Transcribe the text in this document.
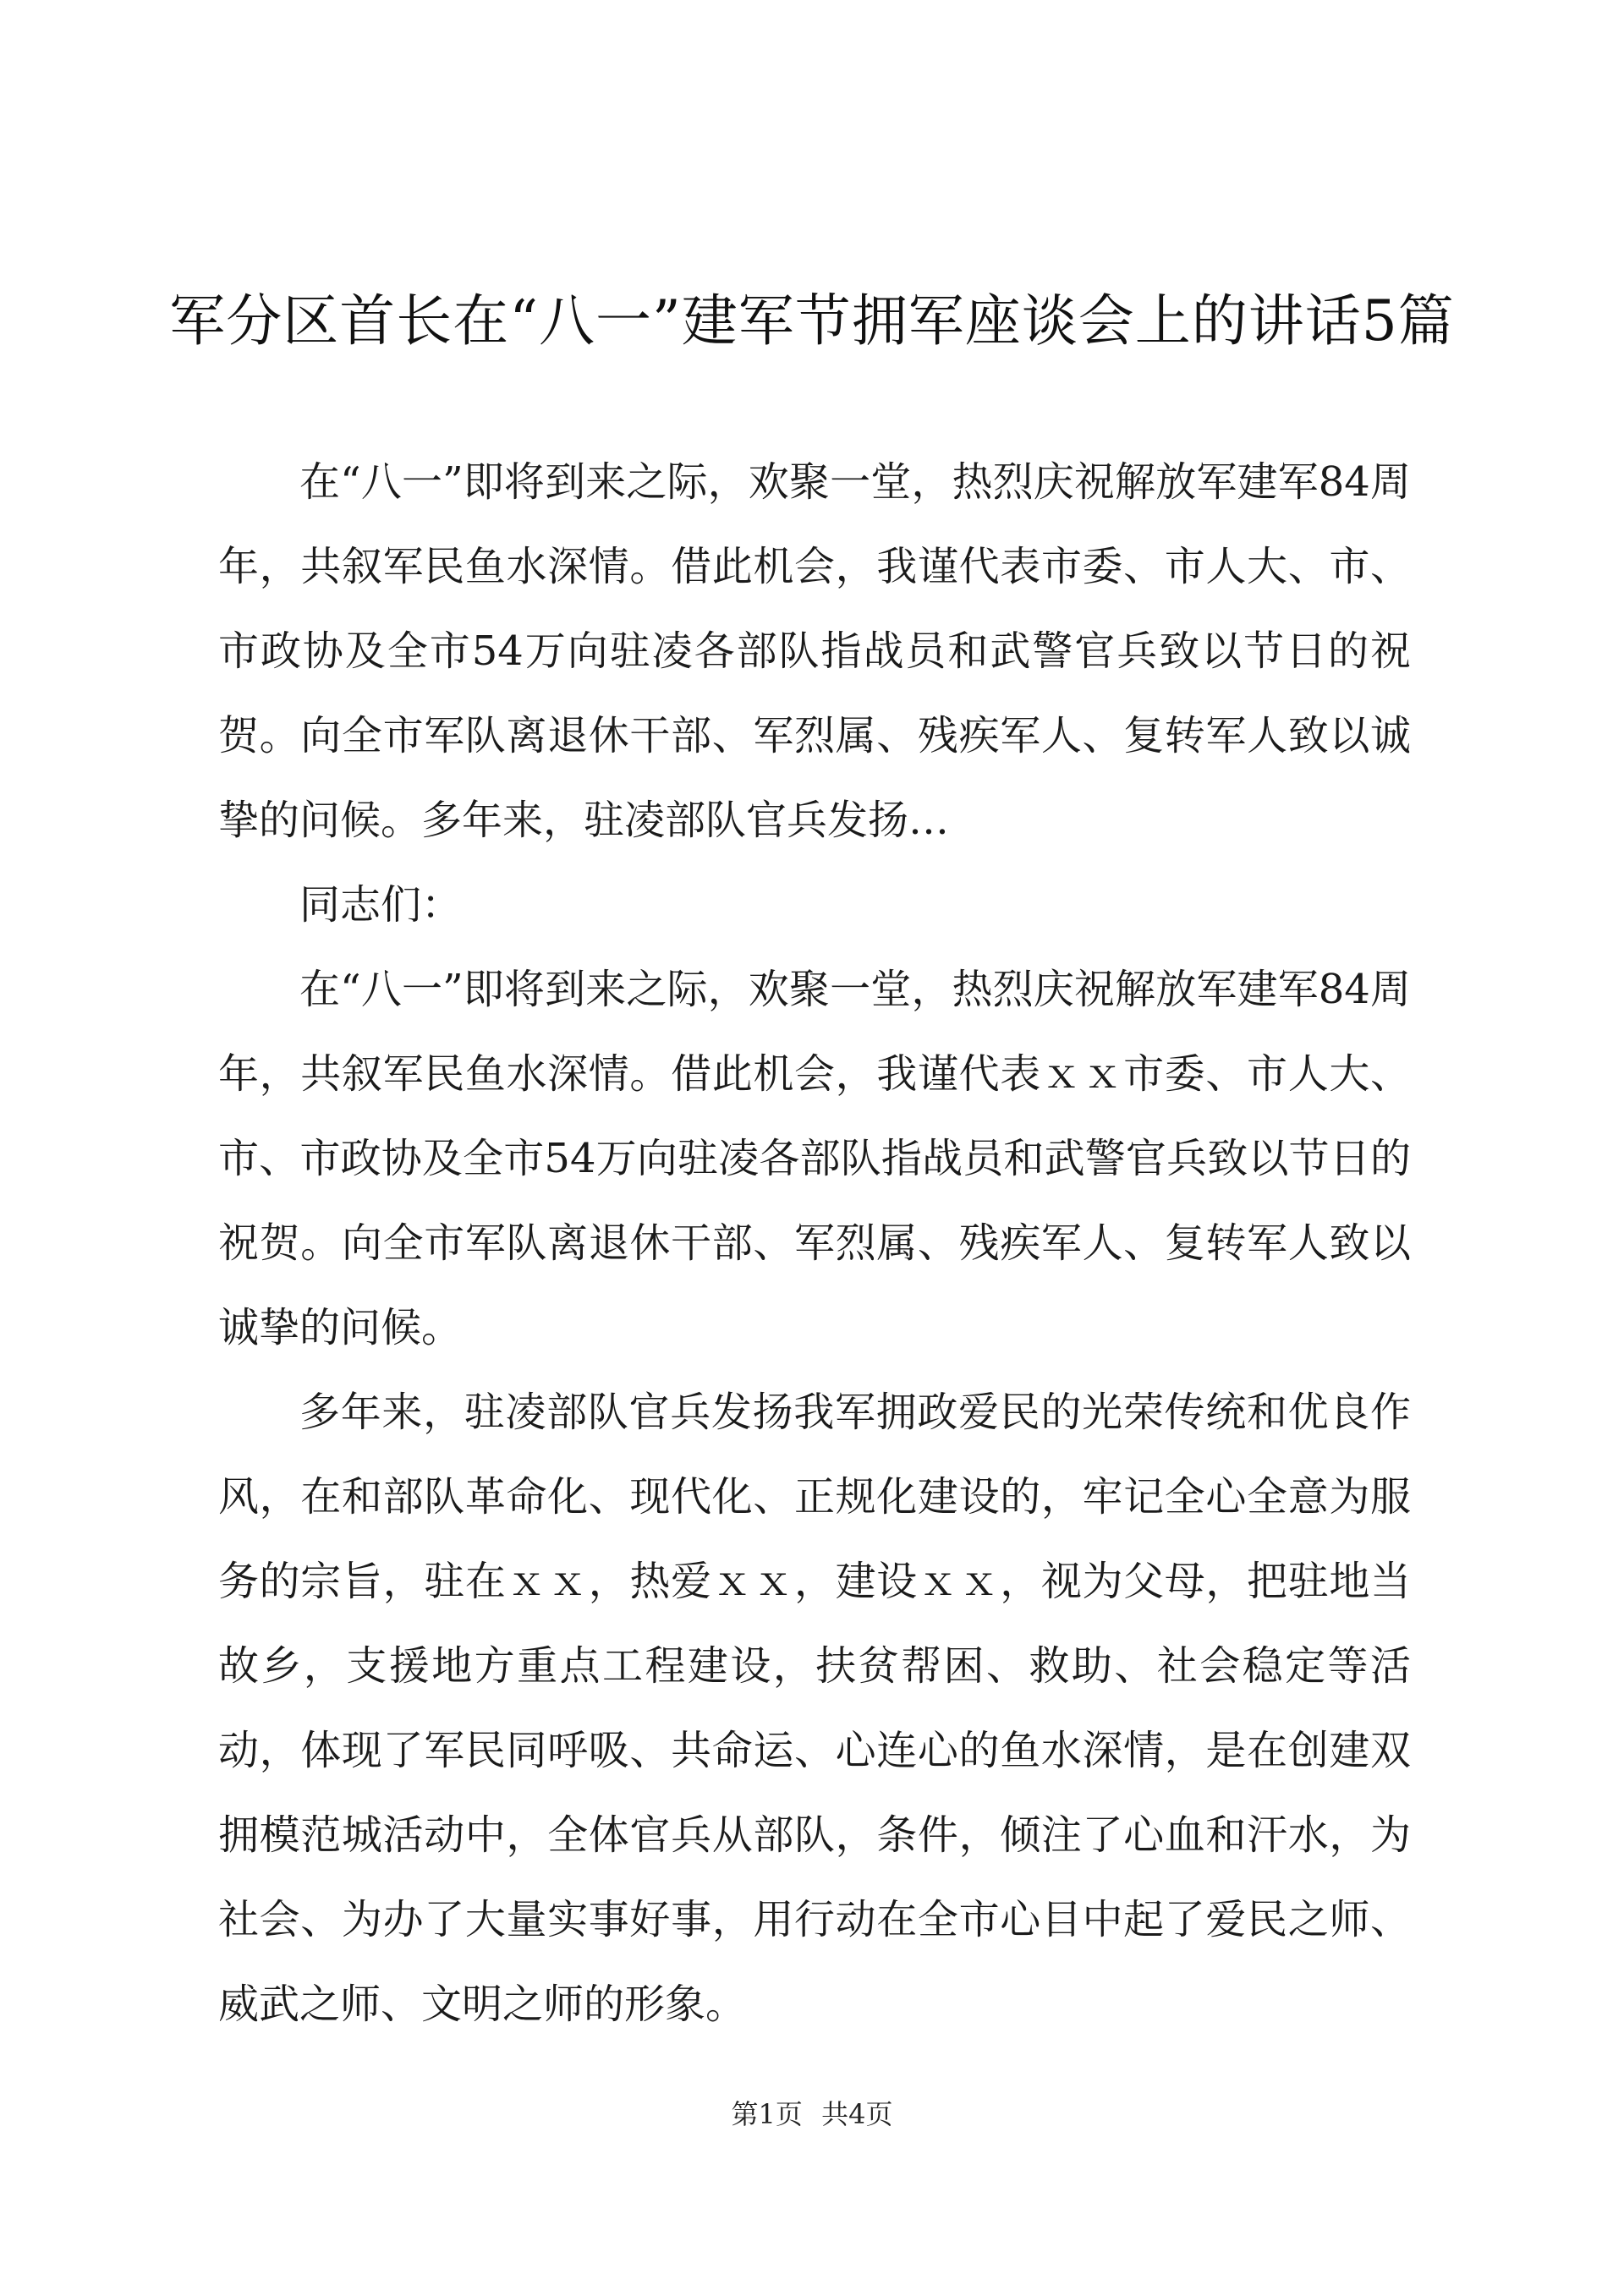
军分区首长在“八一”建军节拥军座谈会上的讲话5篇

在“八一”即将到来之际，欢聚一堂，热烈庆祝解放军建军84周年，共叙军民鱼水深情。借此机会，我谨代表市委、市人大、市、市政协及全市54万向驻凌各部队指战员和武警官兵致以节日的祝贺。向全市军队离退休干部、军烈属、残疾军人、复转军人致以诚挚的问候。多年来，驻凌部队官兵发扬…

同志们：

在“八一”即将到来之际，欢聚一堂，热烈庆祝解放军建军84周年，共叙军民鱼水深情。借此机会，我谨代表ｘｘ市委、市人大、市、市政协及全市54万向驻凌各部队指战员和武警官兵致以节日的祝贺。向全市军队离退休干部、军烈属、残疾军人、复转军人致以诚挚的问候。

多年来，驻凌部队官兵发扬我军拥政爱民的光荣传统和优良作风，在和部队革命化、现代化、正规化建设的，牢记全心全意为服务的宗旨，驻在ｘｘ，热爱ｘｘ，建设ｘｘ，视为父母，把驻地当故乡，支援地方重点工程建设，扶贫帮困、救助、社会稳定等活动，体现了军民同呼吸、共命运、心连心的鱼水深情，是在创建双拥模范城活动中，全体官兵从部队，条件，倾注了心血和汗水，为社会、为办了大量实事好事，用行动在全市心目中起了爱民之师、威武之师、文明之师的形象。

第1页 共4页
